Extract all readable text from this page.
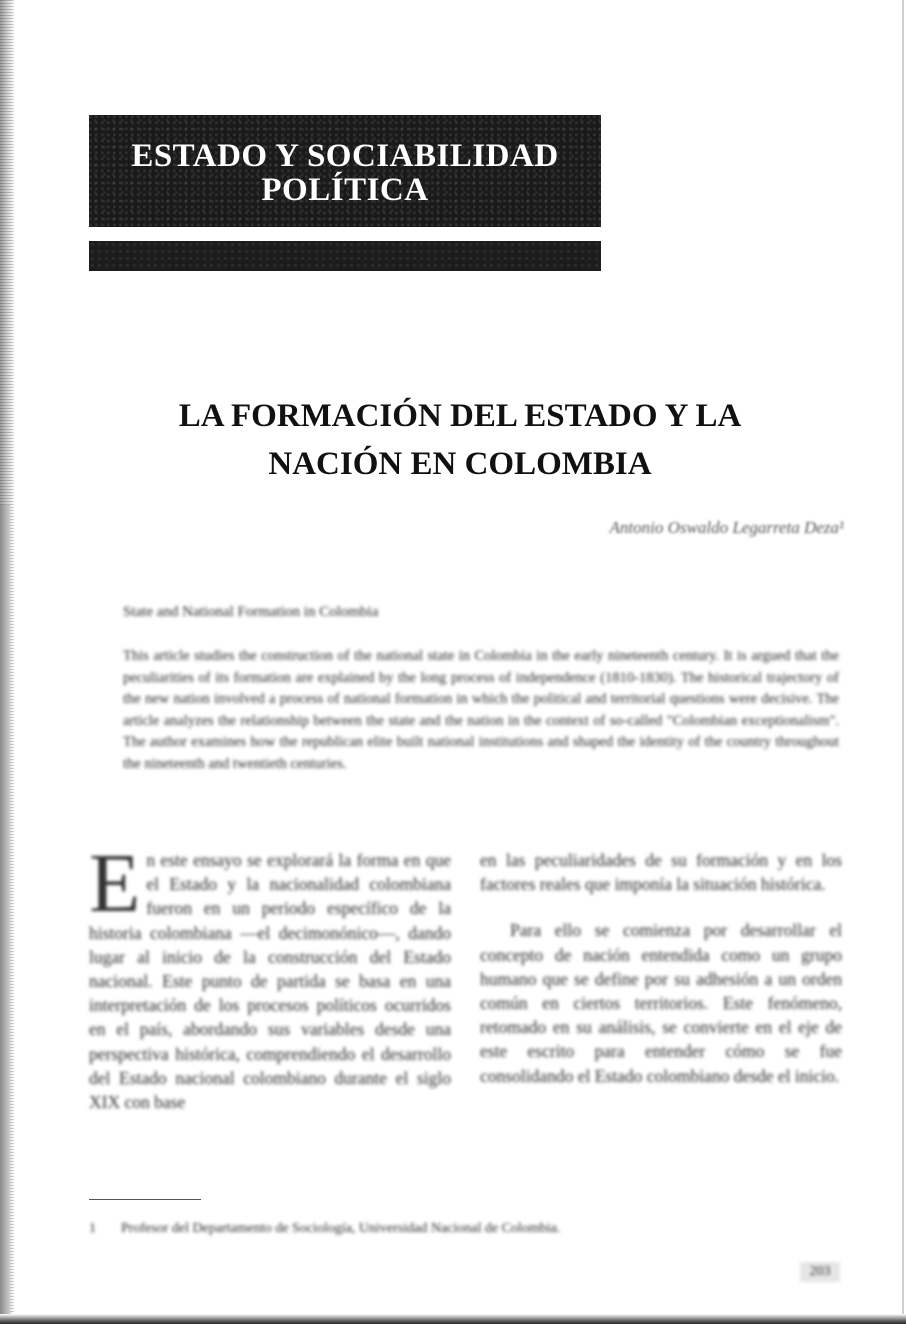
ESTADO Y SOCIABILIDAD
POLÍTICA
LA FORMACIÓN DEL ESTADO Y LA
NACIÓN EN COLOMBIA
Antonio Oswaldo Legarreta Deza¹
State and National Formation in Colombia
This article studies the construction of the national state in Colombia in the early nineteenth century. It is argued that the peculiarities of its formation are explained by the long process of independence (1810-1830). The historical trajectory of the new nation involved a process of national formation in which the political and territorial questions were decisive. The article analyzes the relationship between the state and the nation in the context of so-called "Colombian exceptionalism". The author examines how the republican elite built national institutions and shaped the identity of the country throughout the nineteenth and twentieth centuries.

En este ensayo se explorará la forma en que el Estado y la nacionalidad colombiana fueron en un periodo específico de la historia colombiana —el decimonónico—, dando lugar al inicio de la construcción del Estado nacional. Este punto de partida se basa en una interpretación de los procesos políticos ocurridos en el país, abordando sus variables desde una perspectiva histórica, comprendiendo el desarrollo del Estado nacional colombiano durante el siglo XIX con base

en las peculiaridades de su formación y en los factores reales que imponía la situación histórica.

Para ello se comienza por desarrollar el concepto de nación entendida como un grupo humano que se define por su adhesión a un orden común en ciertos territorios. Este fenómeno, retomado en su análisis, se convierte en el eje de este escrito para entender cómo se fue consolidando el Estado colombiano desde el inicio.

1 Profesor del Departamento de Sociología, Universidad Nacional de Colombia.
203
